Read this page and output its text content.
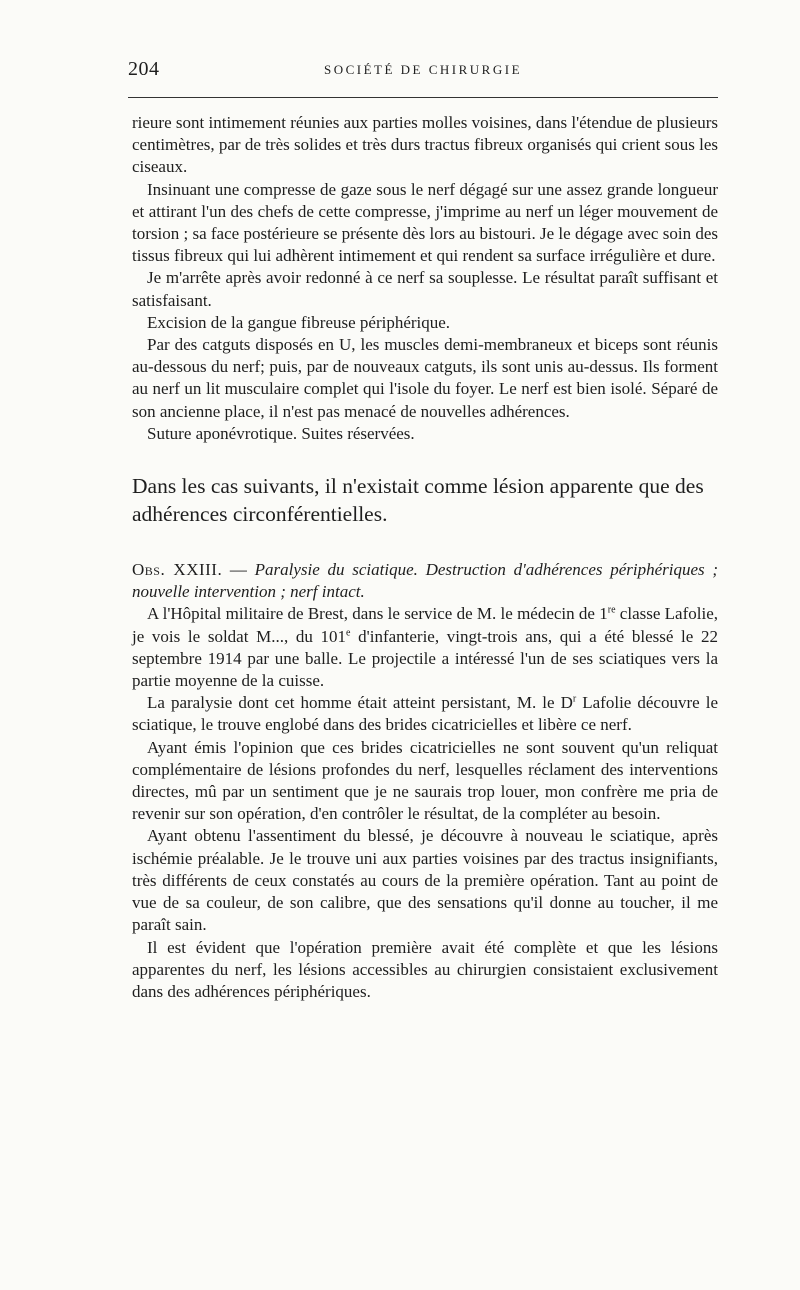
204	SOCIÉTÉ DE CHIRURGIE

rieure sont intimement réunies aux parties molles voisines, dans l'étendue de plusieurs centimètres, par de très solides et très durs tractus fibreux organisés qui crient sous les ciseaux.

Insinuant une compresse de gaze sous le nerf dégagé sur une assez grande longueur et attirant l'un des chefs de cette compresse, j'imprime au nerf un léger mouvement de torsion ; sa face postérieure se présente dès lors au bistouri. Je le dégage avec soin des tissus fibreux qui lui adhèrent intimement et qui rendent sa surface irrégulière et dure.

Je m'arrête après avoir redonné à ce nerf sa souplesse. Le résultat paraît suffisant et satisfaisant.

Excision de la gangue fibreuse périphérique.

Par des catguts disposés en U, les muscles demi-membraneux et biceps sont réunis au-dessous du nerf; puis, par de nouveaux catguts, ils sont unis au-dessus. Ils forment au nerf un lit musculaire complet qui l'isole du foyer. Le nerf est bien isolé. Séparé de son ancienne place, il n'est pas menacé de nouvelles adhérences.

Suture aponévrotique. Suites réservées.

Dans les cas suivants, il n'existait comme lésion apparente que des adhérences circonférentielles.

Obs. XXIII. — Paralysie du sciatique. Destruction d'adhérences périphériques ; nouvelle intervention ; nerf intact.

A l'Hôpital militaire de Brest, dans le service de M. le médecin de 1re classe Lafolie, je vois le soldat M..., du 101e d'infanterie, vingt-trois ans, qui a été blessé le 22 septembre 1914 par une balle. Le projectile a intéressé l'un de ses sciatiques vers la partie moyenne de la cuisse.

La paralysie dont cet homme était atteint persistant, M. le $D^r$ Lafolie découvre le sciatique, le trouve englobé dans des brides cicatricielles et libère ce nerf.

Ayant émis l'opinion que ces brides cicatricielles ne sont souvent qu'un reliquat complémentaire de lésions profondes du nerf, lesquelles réclament des interventions directes, mû par un sentiment que je ne saurais trop louer, mon confrère me pria de revenir sur son opération, d'en contrôler le résultat, de la compléter au besoin.

Ayant obtenu l'assentiment du blessé, je découvre à nouveau le sciatique, après ischémie préalable. Je le trouve uni aux parties voisines par des tractus insignifiants, très différents de ceux constatés au cours de la première opération. Tant au point de vue de sa couleur, de son calibre, que des sensations qu'il donne au toucher, il me paraît sain.

Il est évident que l'opération première avait été complète et que les lésions apparentes du nerf, les lésions accessibles au chirurgien consistaient exclusivement dans des adhérences périphériques.
